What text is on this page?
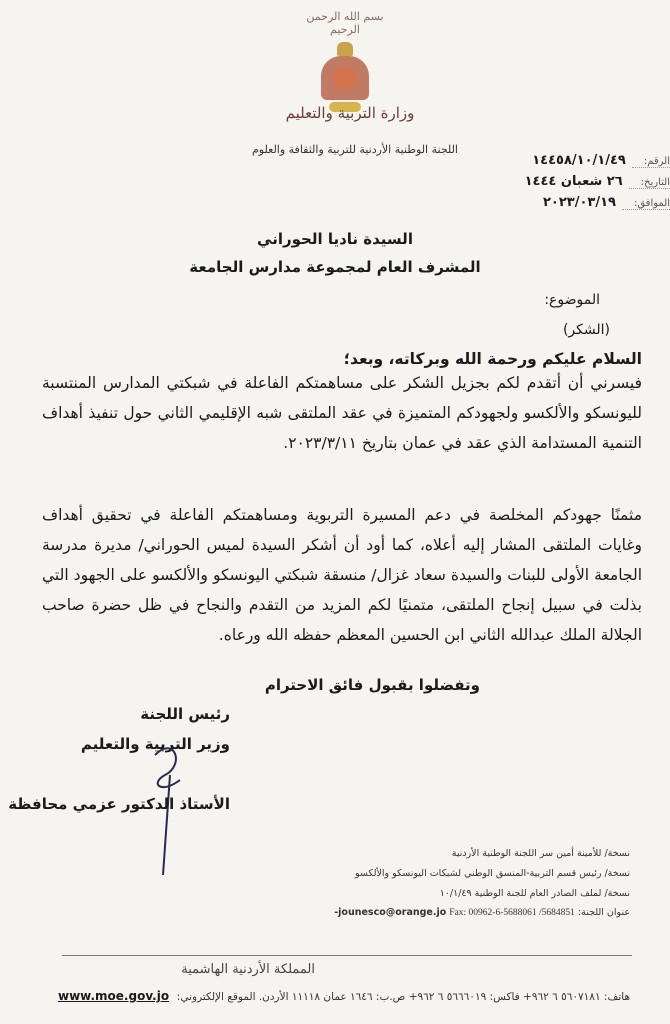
بسم الله الرحمن الرحيم
وزارة التربية والتعليم
اللجنة الوطنية الأردنية للتربية والثقافة والعلوم
الرقم:١٤٤٥٨/١٠/١/٤٩
التاريخ:٢٦ شعبان ١٤٤٤
الموافق:٢٠٢٣/٠٣/١٩
السيدة ناديا الحوراني
المشرف العام لمجموعة مدارس الجامعة
الموضوع:
(الشكر)
السلام عليكم ورحمة الله وبركاته، وبعد؛

فيسرني أن أتقدم لكم بجزيل الشكر على مساهمتكم الفاعلة في شبكتي المدارس المنتسبة لليونسكو والألكسو ولجهودكم المتميزة في عقد الملتقى شبه الإقليمي الثاني حول تنفيذ أهداف التنمية المستدامة الذي عقد في عمان بتاريخ ٢٠٢٣/٣/١١.

مثمنًا جهودكم المخلصة في دعم المسيرة التربوية ومساهمتكم الفاعلة في تحقيق أهداف وغايات الملتقى المشار إليه أعلاه، كما أود أن أشكر السيدة لميس الحوراني/ مديرة مدرسة الجامعة الأولى للبنات والسيدة سعاد غزال/ منسقة شبكتي اليونسكو والألكسو على الجهود التي بذلت في سبيل إنجاح الملتقى، متمنيًا لكم المزيد من التقدم والنجاح في ظل حضرة صاحب الجلالة الملك عبدالله الثاني ابن الحسين المعظم حفظه الله ورعاه.

وتفضلوا بقبول فائق الاحترام
رئيس اللجنة
وزير التربية والتعليم
الأستاذ الدكتور عزمي محافظة
نسخة/ للأمينة أمين سر اللجنة الوطنية الأردنية
نسخة/ رئيس قسم التربية-المنسق الوطني لشبكات اليونسكو والألكسو
نسخة/ لملف الصادر العام للجنة الوطنية ١٠/١/٤٩
عنوان اللجنة: -jounesco@orange.jo Fax: 00962-6-5688061 /5684851
المملكة الأردنية الهاشمية
هاتف: ٥٦٠٧١٨١ ٦ ٩٦٢+ فاكس: ٥٦٦٦٠١٩ ٦ ٩٦٢+ ص.ب: ١٦٤٦ عمان ١١١١٨ الأردن. الموقع الإلكتروني:
www.moe.gov.jo
